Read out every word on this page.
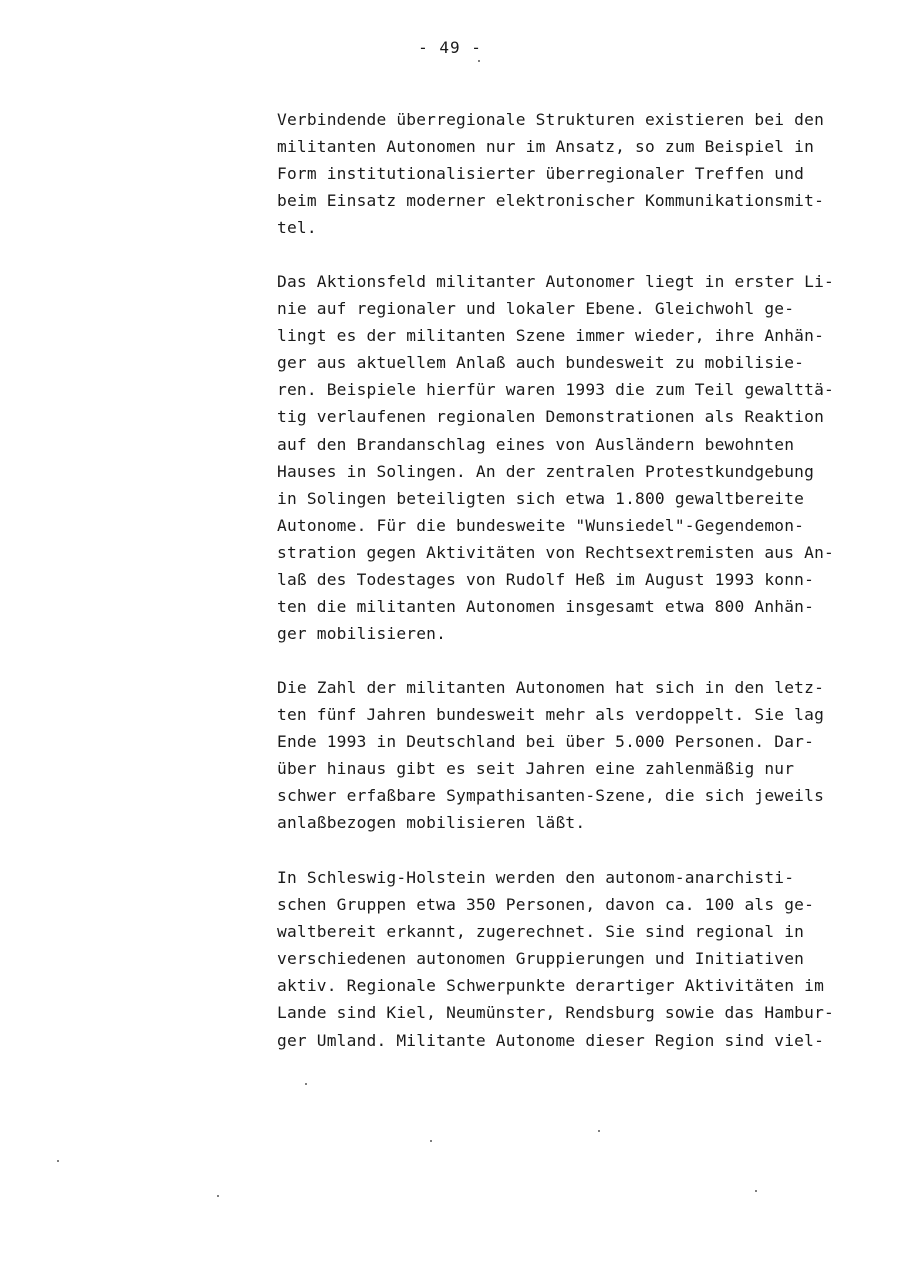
- 49 -
Verbindende überregionale Strukturen existieren bei den
militanten Autonomen nur im Ansatz, so zum Beispiel in
Form institutionalisierter überregionaler Treffen und
beim Einsatz moderner elektronischer Kommunikationsmit-
tel.
Das Aktionsfeld militanter Autonomer liegt in erster Li-
nie auf regionaler und lokaler Ebene. Gleichwohl ge-
lingt es der militanten Szene immer wieder, ihre Anhän-
ger aus aktuellem Anlaß auch bundesweit zu mobilisie-
ren. Beispiele hierfür waren 1993 die zum Teil gewalttä-
tig verlaufenen regionalen Demonstrationen als Reaktion
auf den Brandanschlag eines von Ausländern bewohnten
Hauses in Solingen. An der zentralen Protestkundgebung
in Solingen beteiligten sich etwa 1.800 gewaltbereite
Autonome. Für die bundesweite "Wunsiedel"-Gegendemon-
stration gegen Aktivitäten von Rechtsextremisten aus An-
laß des Todestages von Rudolf Heß im August 1993 konn-
ten die militanten Autonomen insgesamt etwa 800 Anhän-
ger mobilisieren.
Die Zahl der militanten Autonomen hat sich in den letz-
ten fünf Jahren bundesweit mehr als verdoppelt. Sie lag
Ende 1993 in Deutschland bei über 5.000 Personen. Dar-
über hinaus gibt es seit Jahren eine zahlenmäßig nur
schwer erfaßbare Sympathisanten-Szene, die sich jeweils
anlaßbezogen mobilisieren läßt.
In Schleswig-Holstein werden den autonom-anarchisti-
schen Gruppen etwa 350 Personen, davon ca. 100 als ge-
waltbereit erkannt, zugerechnet. Sie sind regional in
verschiedenen autonomen Gruppierungen und Initiativen
aktiv. Regionale Schwerpunkte derartiger Aktivitäten im
Lande sind Kiel, Neumünster, Rendsburg sowie das Hambur-
ger Umland. Militante Autonome dieser Region sind viel-
